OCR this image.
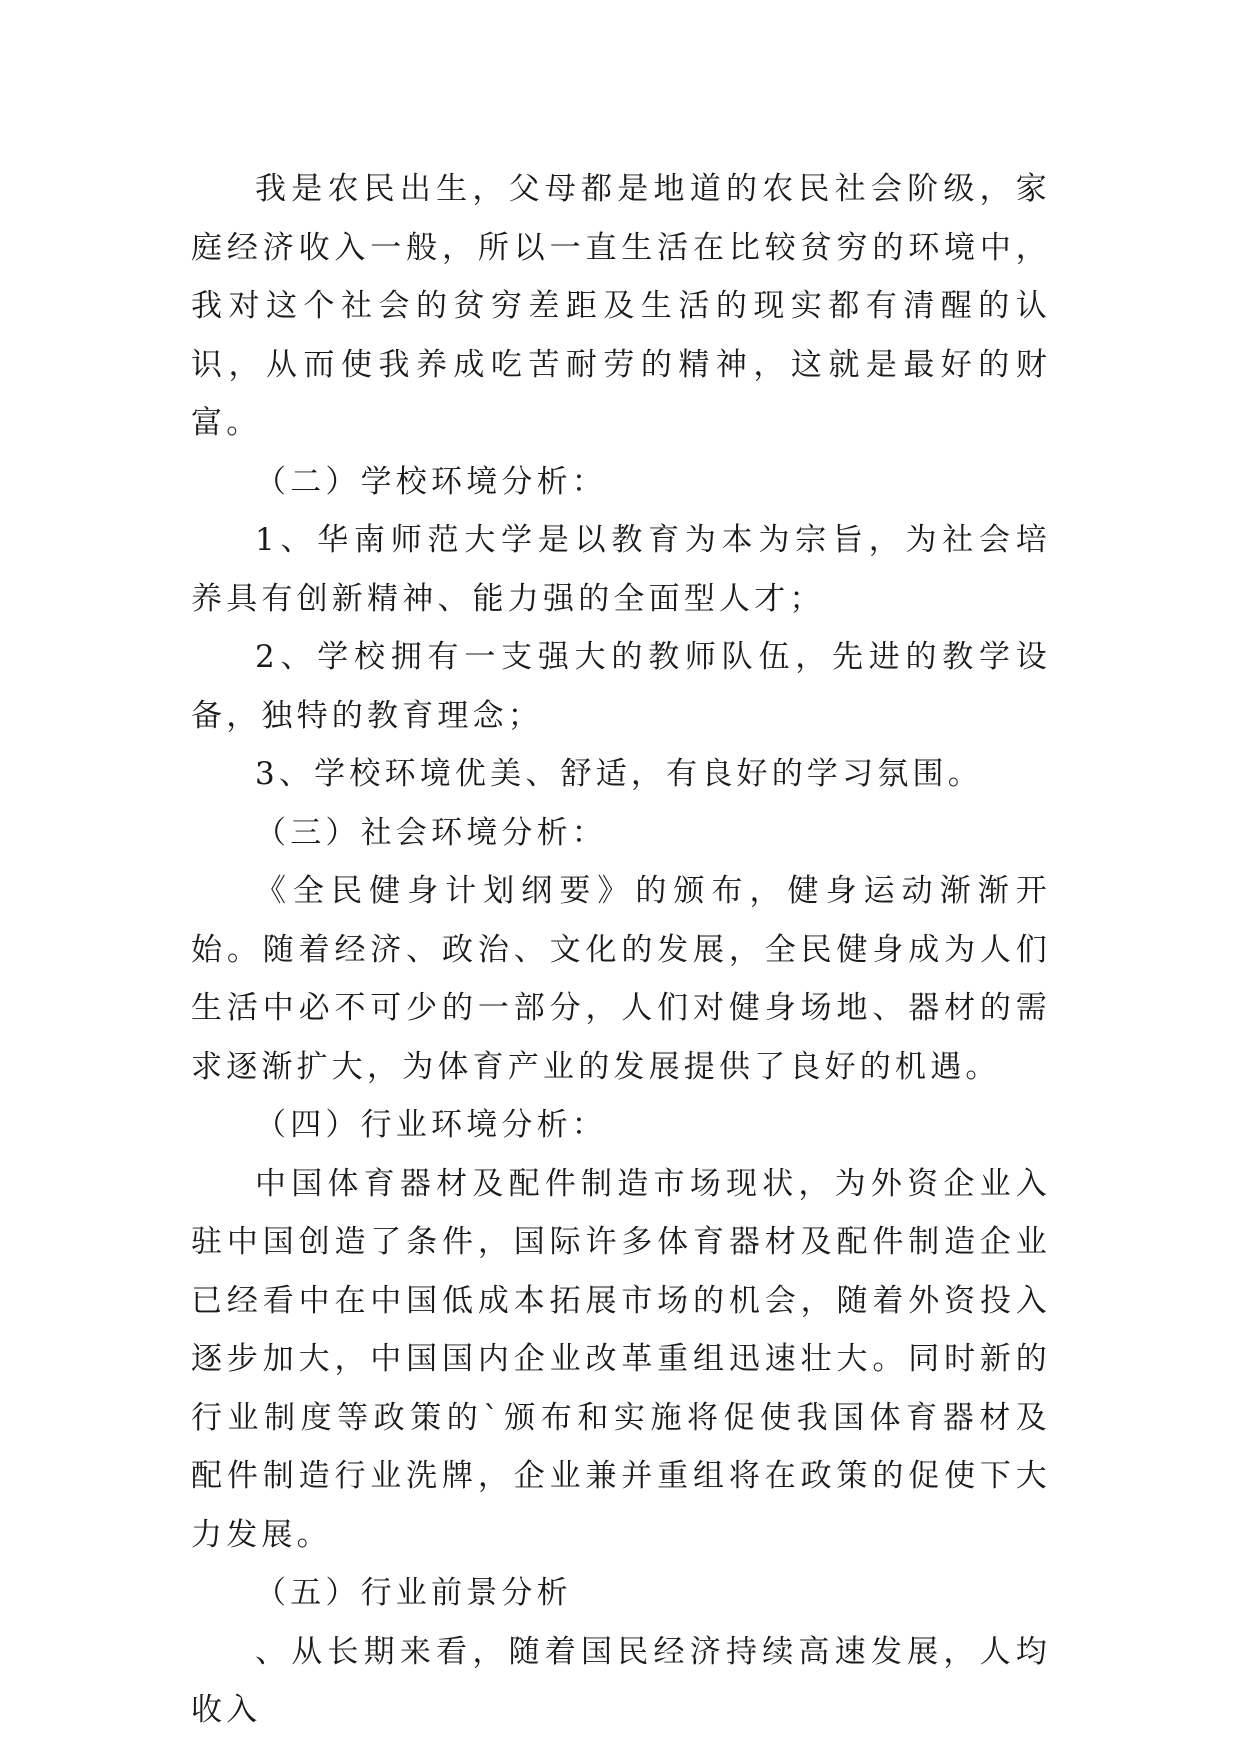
我是农民出生，父母都是地道的农民社会阶级，家庭经济收入一般，所以一直生活在比较贫穷的环境中，我对这个社会的贫穷差距及生活的现实都有清醒的认识，从而使我养成吃苦耐劳的精神，这就是最好的财富。

（二）学校环境分析：

1、华南师范大学是以教育为本为宗旨，为社会培养具有创新精神、能力强的全面型人才；

2、学校拥有一支强大的教师队伍，先进的教学设备，独特的教育理念；

3、学校环境优美、舒适，有良好的学习氛围。

（三）社会环境分析：

《全民健身计划纲要》的颁布，健身运动渐渐开始。随着经济、政治、文化的发展，全民健身成为人们生活中必不可少的一部分，人们对健身场地、器材的需求逐渐扩大，为体育产业的发展提供了良好的机遇。

（四）行业环境分析：

中国体育器材及配件制造市场现状，为外资企业入驻中国创造了条件，国际许多体育器材及配件制造企业已经看中在中国低成本拓展市场的机会，随着外资投入逐步加大，中国国内企业改革重组迅速壮大。同时新的行业制度等政策的`颁布和实施将促使我国体育器材及配件制造行业洗牌，企业兼并重组将在政策的促使下大力发展。

（五）行业前景分析

、从长期来看，随着国民经济持续高速发展，人均收入
